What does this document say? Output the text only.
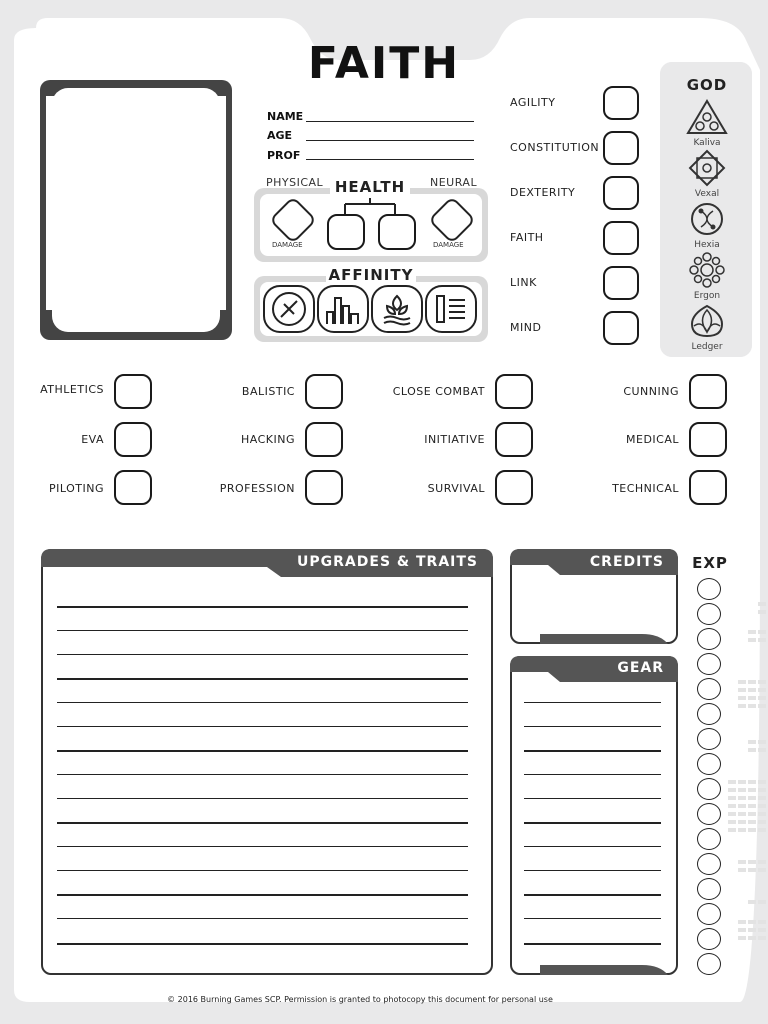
FAITH
NAME
AGE
PROF
PHYSICAL HEALTH	NEURAL
DAMAGE	DAMAGE
AFFINITY
AGILITY
CONSTITUTION
DEXTERITY
FAITH
LINK
MIND
GOD
Kaliva
Vexal
Hexia
Ergon
Ledger
ATHLETICS	BALISTIC	CLOSE COMBAT	CUNNING
EVA	HACKING	INITIATIVE	MEDICAL
PILOTING	PROFESSION	SURVIVAL	TECHNICAL
UPGRADES & TRAITS	CREDITS
GEAR
EXP
© 2016 Burning Games SCP. Permission is granted to photocopy this document for personal use
